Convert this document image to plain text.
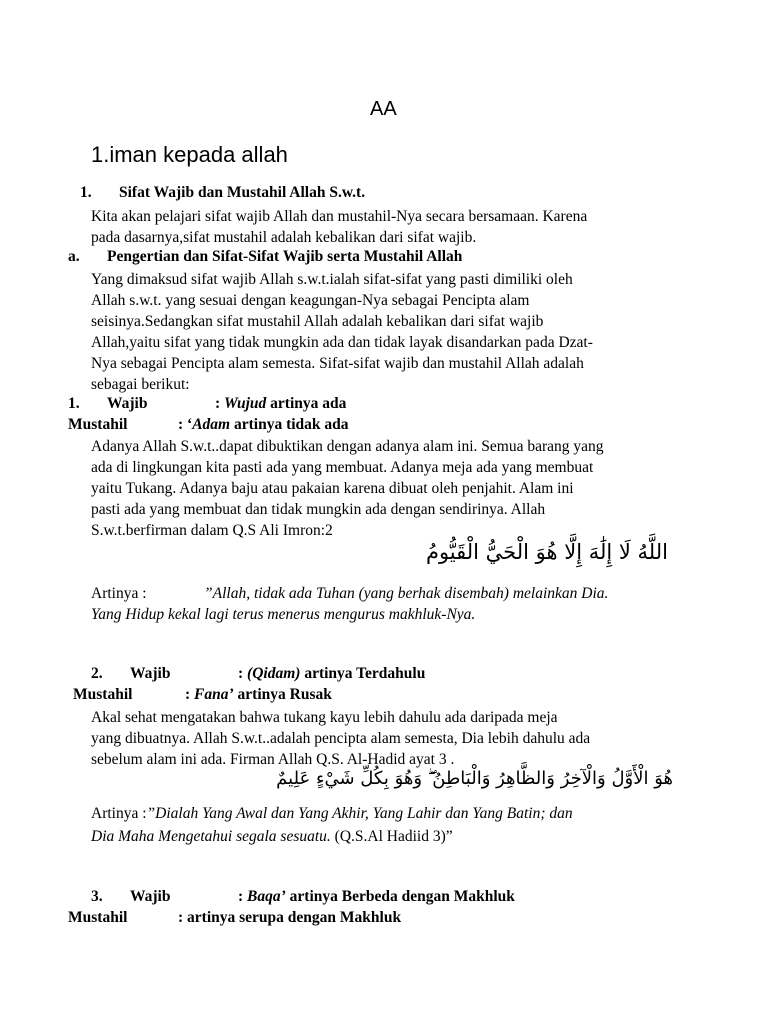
AA
1.iman kepada allah
1. Sifat Wajib dan Mustahil Allah S.w.t.
Kita akan pelajari sifat wajib Allah dan mustahil-Nya secara bersamaan. Karena
pada dasarnya,sifat mustahil adalah kebalikan dari sifat wajib.
a. Pengertian dan Sifat-Sifat Wajib serta Mustahil Allah
Yang dimaksud sifat wajib Allah s.w.t.ialah sifat-sifat yang pasti dimiliki oleh
Allah s.w.t. yang sesuai dengan keagungan-Nya sebagai Pencipta alam
seisinya.Sedangkan sifat mustahil Allah adalah kebalikan dari sifat wajib
Allah,yaitu sifat yang tidak mungkin ada dan tidak layak disandarkan pada Dzat-
Nya sebagai Pencipta alam semesta. Sifat-sifat wajib dan mustahil Allah adalah
sebagai berikut:
1. Wajib	: Wujud artinya ada
Mustahil	: ‘Adam artinya tidak ada
Adanya Allah S.w.t..dapat dibuktikan dengan adanya alam ini. Semua barang yang
ada di lingkungan kita pasti ada yang membuat. Adanya meja ada yang membuat
yaitu Tukang. Adanya baju atau pakaian karena dibuat oleh penjahit. Alam ini
pasti ada yang membuat dan tidak mungkin ada dengan sendirinya. Allah
S.w.t.berfirman dalam Q.S Ali Imron:2
اللَّهُ لَا إِلَٰهَ إِلَّا هُوَ الْحَيُّ الْقَيُّومُ
Artinya :	”Allah, tidak ada Tuhan (yang berhak disembah) melainkan Dia.
Yang Hidup kekal lagi terus menerus mengurus makhluk-Nya.
2. Wajib	: (Qidam) artinya Terdahulu
Mustahil	: Fana’ artinya Rusak
Akal sehat mengatakan bahwa tukang kayu lebih dahulu ada daripada meja
yang dibuatnya. Allah S.w.t..adalah pencipta alam semesta, Dia lebih dahulu ada
sebelum alam ini ada. Firman Allah Q.S. Al-Hadid ayat 3 .
هُوَ الْأَوَّلُ وَالْآخِرُ وَالظَّاهِرُ وَالْبَاطِنُ ۖ وَهُوَ بِكُلِّ شَيْءٍ عَلِيمٌ
Artinya :”Dialah Yang Awal dan Yang Akhir, Yang Lahir dan Yang Batin; dan
Dia Maha Mengetahui segala sesuatu. (Q.S.Al Hadiid 3)”
3. Wajib	: Baqa’ artinya Berbeda dengan Makhluk
Mustahil	: artinya serupa dengan Makhluk
